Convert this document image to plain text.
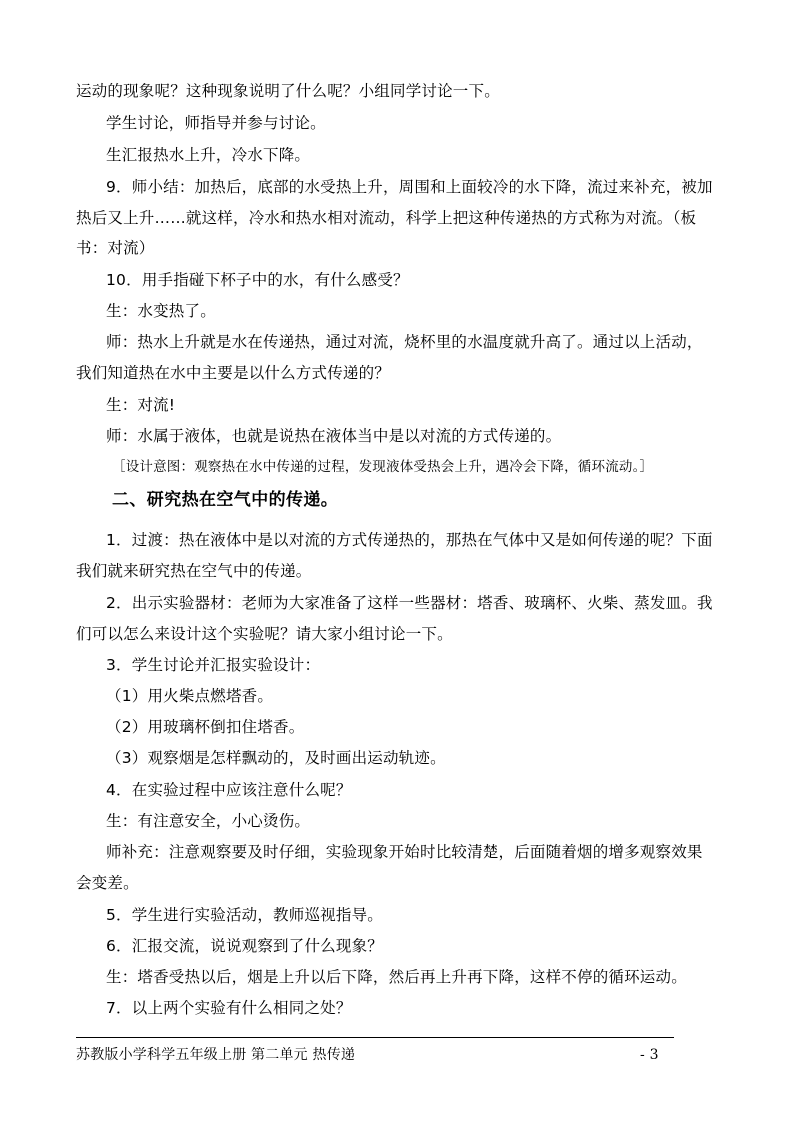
运动的现象呢？这种现象说明了什么呢？小组同学讨论一下。
学生讨论，师指导并参与讨论。
生汇报热水上升，冷水下降。
9．师小结：加热后，底部的水受热上升，周围和上面较冷的水下降，流过来补充，被加
热后又上升……就这样，冷水和热水相对流动，科学上把这种传递热的方式称为对流。（板
书：对流）
10．用手指碰下杯子中的水，有什么感受？
生：水变热了。
师：热水上升就是水在传递热，通过对流，烧杯里的水温度就升高了。通过以上活动，
我们知道热在水中主要是以什么方式传递的？
生：对流!
师：水属于液体，也就是说热在液体当中是以对流的方式传递的。
［设计意图：观察热在水中传递的过程，发现液体受热会上升，遇冷会下降，循环流动。］
二、研究热在空气中的传递。
1．过渡：热在液体中是以对流的方式传递热的，那热在气体中又是如何传递的呢？下面
我们就来研究热在空气中的传递。
2．出示实验器材：老师为大家准备了这样一些器材：塔香、玻璃杯、火柴、蒸发皿。我
们可以怎么来设计这个实验呢？请大家小组讨论一下。
3．学生讨论并汇报实验设计：
（1）用火柴点燃塔香。
（2）用玻璃杯倒扣住塔香。
（3）观察烟是怎样飘动的，及时画出运动轨迹。
4．在实验过程中应该注意什么呢？
生：有注意安全，小心烫伤。
师补充：注意观察要及时仔细，实验现象开始时比较清楚，后面随着烟的增多观察效果
会变差。
5．学生进行实验活动，教师巡视指导。
6．汇报交流，说说观察到了什么现象？
生：塔香受热以后，烟是上升以后下降，然后再上升再下降，这样不停的循环运动。
7．以上两个实验有什么相同之处？
苏教版小学科学五年级上册 第二单元 热传递	- 3
